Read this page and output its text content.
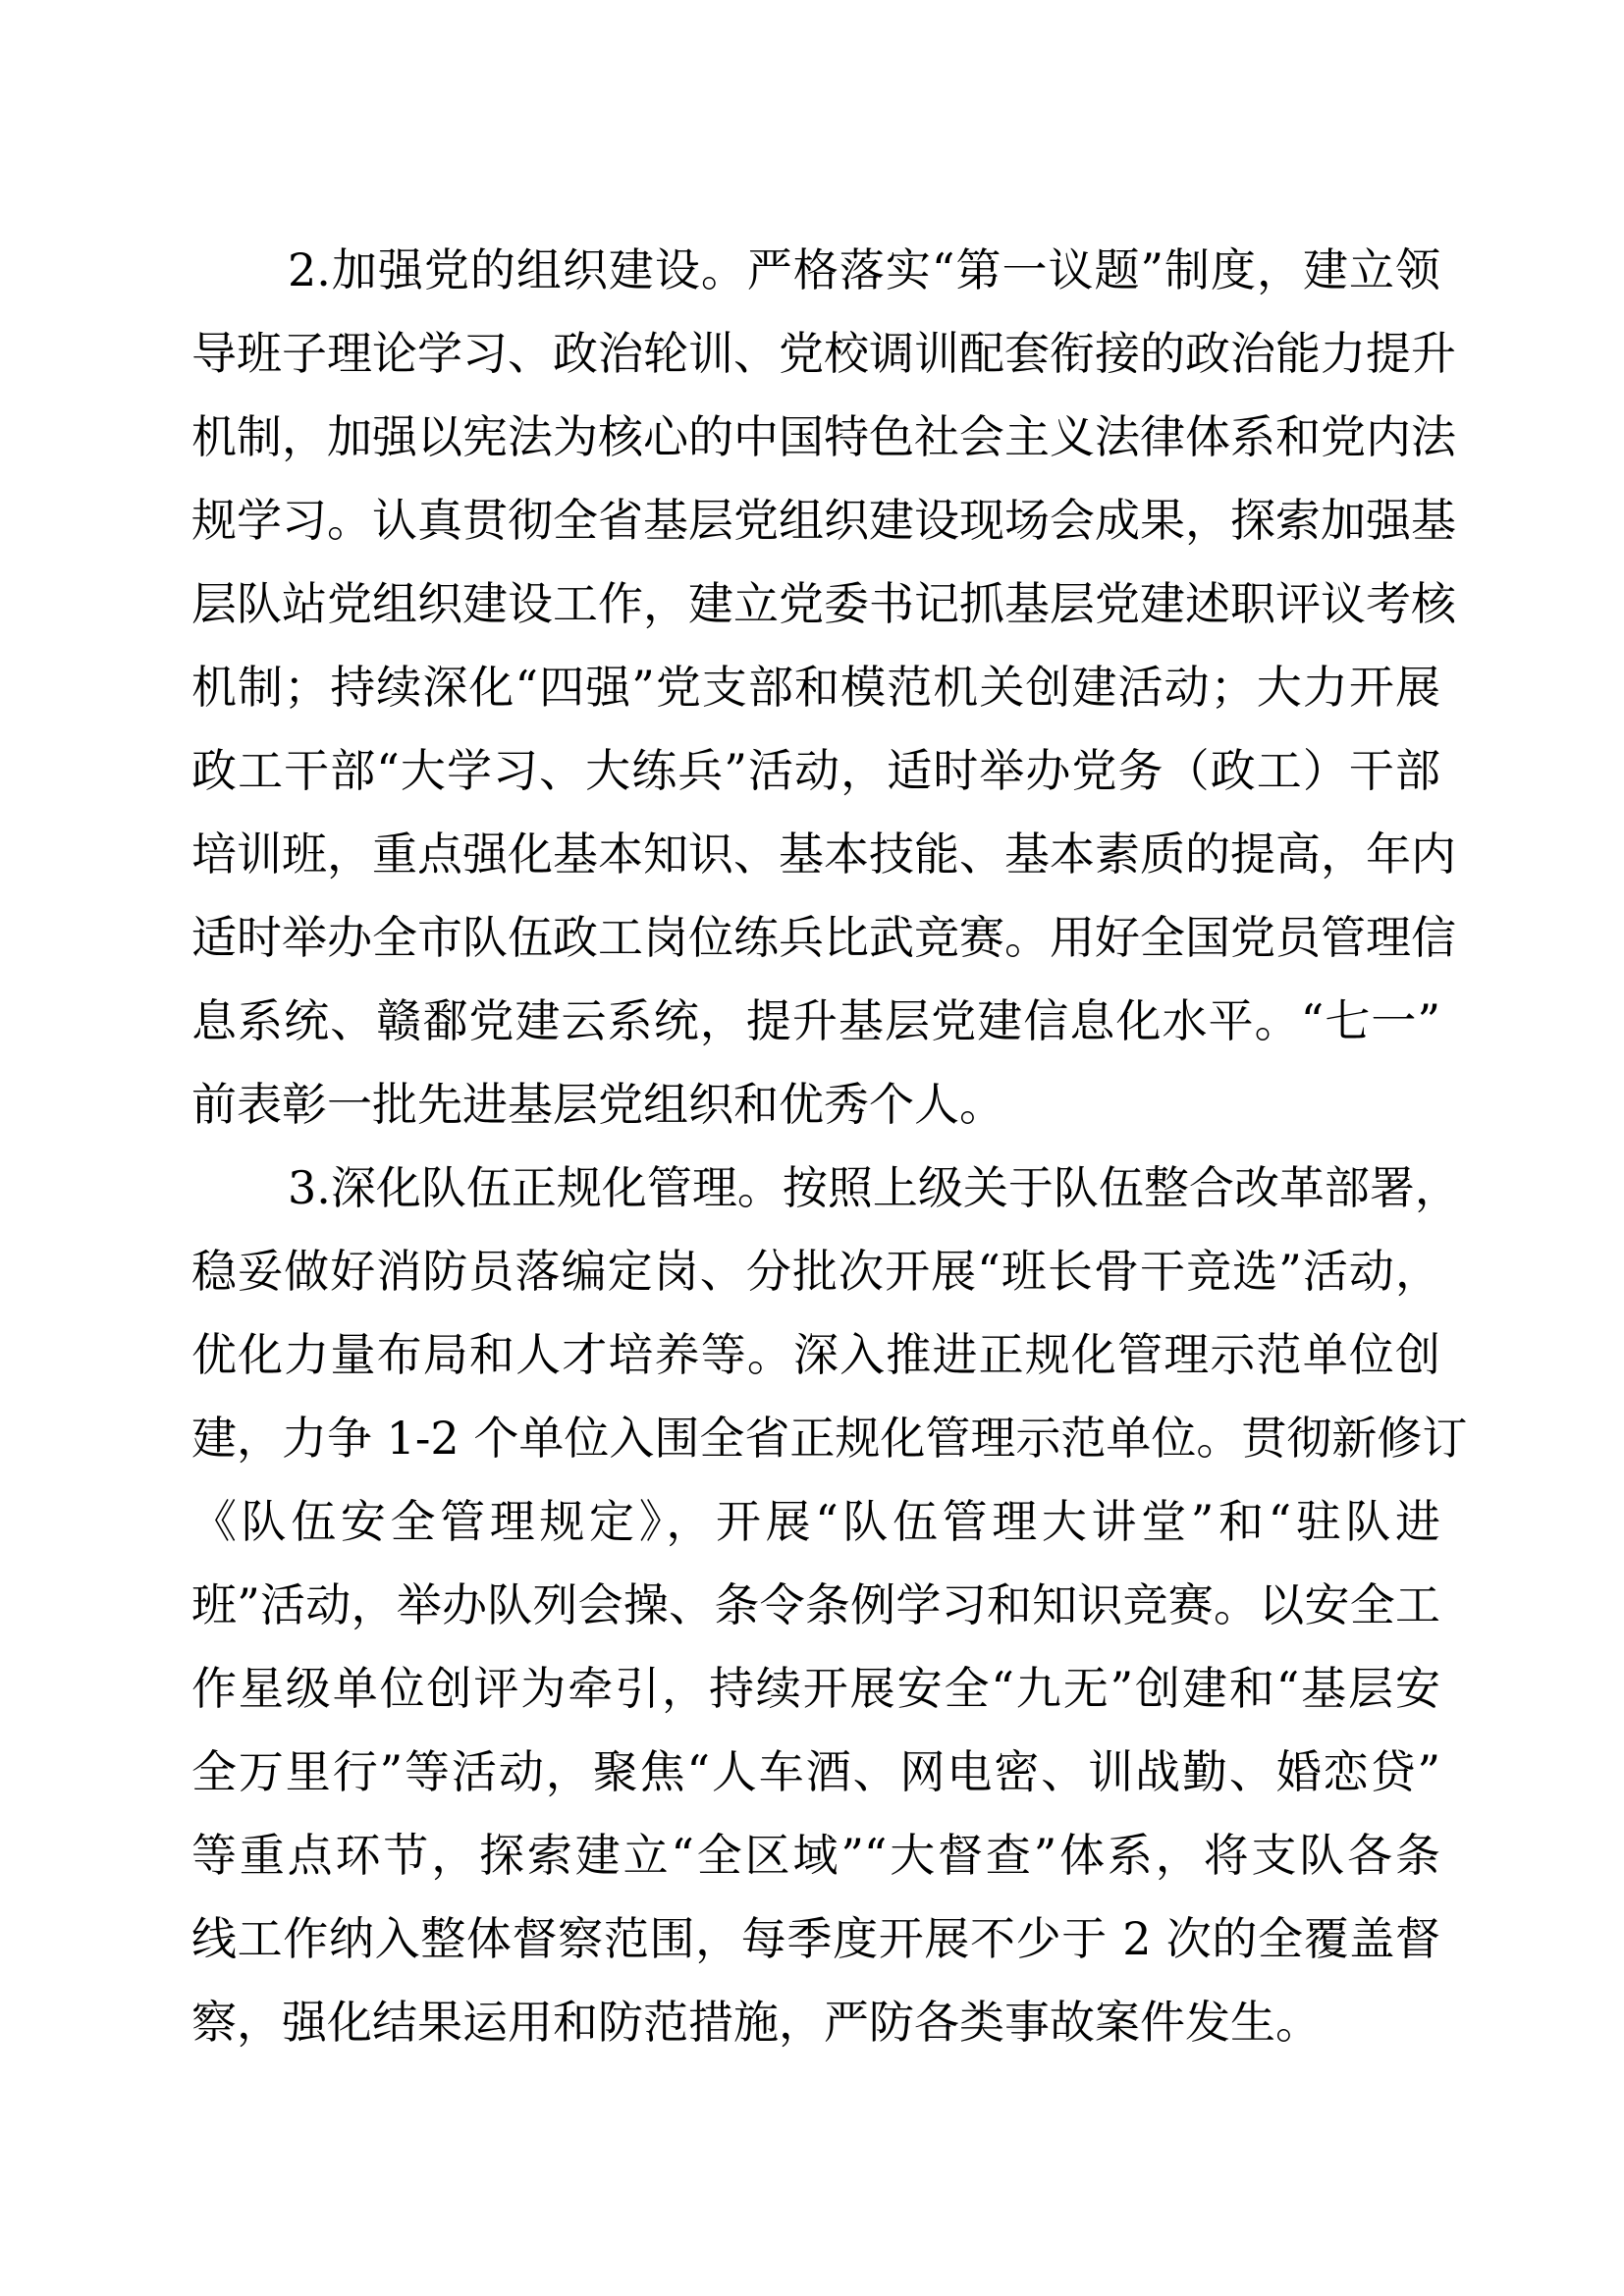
2.加强党的组织建设。严格落实“第一议题”制度，建立领
导班子理论学习、政治轮训、党校调训配套衔接的政治能力提升
机制，加强以宪法为核心的中国特色社会主义法律体系和党内法
规学习。认真贯彻全省基层党组织建设现场会成果，探索加强基
层队站党组织建设工作，建立党委书记抓基层党建述职评议考核
机制；持续深化“四强”党支部和模范机关创建活动；大力开展
政工干部“大学习、大练兵”活动，适时举办党务（政工）干部
培训班，重点强化基本知识、基本技能、基本素质的提高，年内
适时举办全市队伍政工岗位练兵比武竞赛。用好全国党员管理信
息系统、赣鄱党建云系统，提升基层党建信息化水平。“七一”
前表彰一批先进基层党组织和优秀个人。
3.深化队伍正规化管理。按照上级关于队伍整合改革部署，
稳妥做好消防员落编定岗、分批次开展“班长骨干竞选”活动，
优化力量布局和人才培养等。深入推进正规化管理示范单位创
建，力争 1-2 个单位入围全省正规化管理示范单位。贯彻新修订
《队伍安全管理规定》，开展“队伍管理大讲堂”和“驻队进
班”活动，举办队列会操、条令条例学习和知识竞赛。以安全工
作星级单位创评为牵引，持续开展安全“九无”创建和“基层安
全万里行”等活动，聚焦“人车酒、网电密、训战勤、婚恋贷”
等重点环节，探索建立“全区域”“大督查”体系，将支队各条
线工作纳入整体督察范围，每季度开展不少于 2 次的全覆盖督
察，强化结果运用和防范措施，严防各类事故案件发生。
